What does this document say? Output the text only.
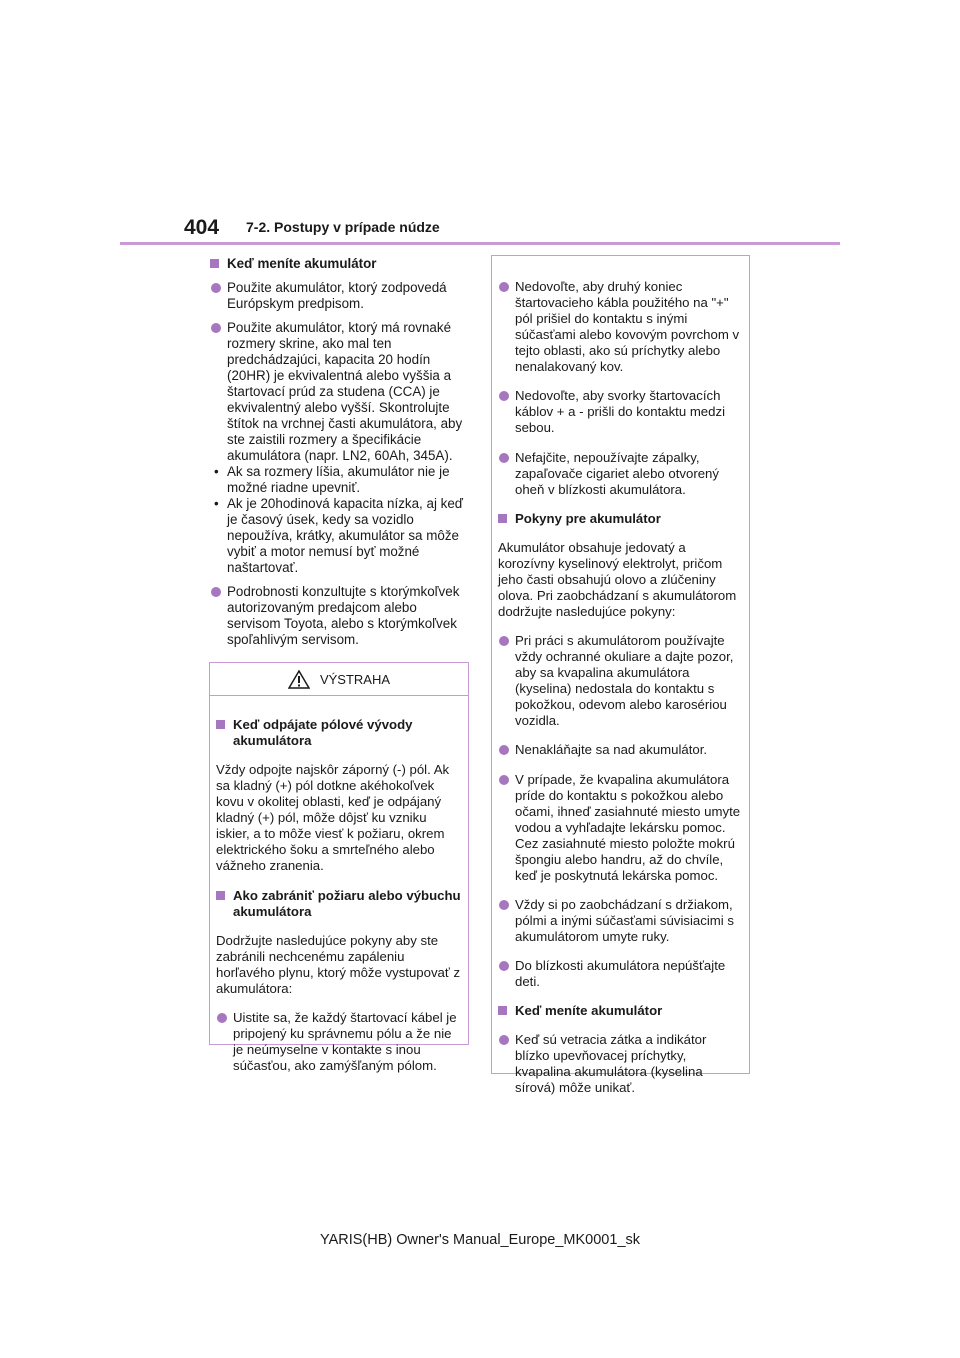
404 7-2. Postupy v prípade núdze

Keď meníte akumulátor

Použite akumulátor, ktorý zodpovedá Európskym predpisom.

Použite akumulátor, ktorý má rovnaké rozmery skrine, ako mal ten predchádzajúci, kapacita 20 hodín (20HR) je ekvivalentná alebo vyššia a štartovací prúd za studena (CCA) je ekvivalentný alebo vyšší. Skontrolujte štítok na vrchnej časti akumulátora, aby ste zaistili rozmery a špecifikácie akumulátora (napr. LN2, 60Ah, 345A).

• Ak sa rozmery líšia, akumulátor nie je možné riadne upevniť.

• Ak je 20hodinová kapacita nízka, aj keď je časový úsek, kedy sa vozidlo nepoužíva, krátky, akumulátor sa môže vybiť a motor nemusí byť možné naštartovať.

Podrobnosti konzultujte s ktorýmkoľvek autorizovaným predajcom alebo servisom Toyota, alebo s ktorýmkoľvek spoľahlivým servisom.

VÝSTRAHA

Keď odpájate pólové vývody akumulátora

Vždy odpojte najskôr záporný (-) pól. Ak sa kladný (+) pól dotkne akéhokoľvek kovu v okolitej oblasti, keď je odpájaný kladný (+) pól, môže dôjsť ku vzniku iskier, a to môže viesť k požiaru, okrem elektrického šoku a smrteľného alebo vážneho zranenia.

Ako zabrániť požiaru alebo výbuchu akumulátora

Dodržujte nasledujúce pokyny aby ste zabránili nechcenému zapáleniu horľavého plynu, ktorý môže vystupovať z akumulátora:

Uistite sa, že každý štartovací kábel je pripojený ku správnemu pólu a že nie je neúmyselne v kontakte s inou súčasťou, ako zamýšľaným pólom.

Nedovoľte, aby druhý koniec štartovacieho kábla použitého na "+" pól prišiel do kontaktu s inými súčasťami alebo kovovým povrchom v tejto oblasti, ako sú príchytky alebo nenalakovaný kov.

Nedovoľte, aby svorky štartovacích káblov + a - prišli do kontaktu medzi sebou.

Nefajčite, nepoužívajte zápalky, zapaľovače cigariet alebo otvorený oheň v blízkosti akumulátora.

Pokyny pre akumulátor

Akumulátor obsahuje jedovatý a korozívny kyselinový elektrolyt, pričom jeho časti obsahujú olovo a zlúčeniny olova. Pri zaobchádzaní s akumulátorom dodržujte nasledujúce pokyny:

Pri práci s akumulátorom používajte vždy ochranné okuliare a dajte pozor, aby sa kvapalina akumulátora (kyselina) nedostala do kontaktu s pokožkou, odevom alebo karosériou vozidla.

Nenakláňajte sa nad akumulátor.

V prípade, že kvapalina akumulátora príde do kontaktu s pokožkou alebo očami, ihneď zasiahnuté miesto umyte vodou a vyhľadajte lekársku pomoc. Cez zasiahnuté miesto položte mokrú špongiu alebo handru, až do chvíle, keď je poskytnutá lekárska pomoc.

Vždy si po zaobchádzaní s držiakom, pólmi a inými súčasťami súvisiacimi s akumulátorom umyte ruky.

Do blízkosti akumulátora nepúšťajte deti.

Keď meníte akumulátor

Keď sú vetracia zátka a indikátor blízko upevňovacej príchytky, kvapalina akumulátora (kyselina sírová) môže unikať.

YARIS(HB) Owner's Manual_Europe_MK0001_sk
